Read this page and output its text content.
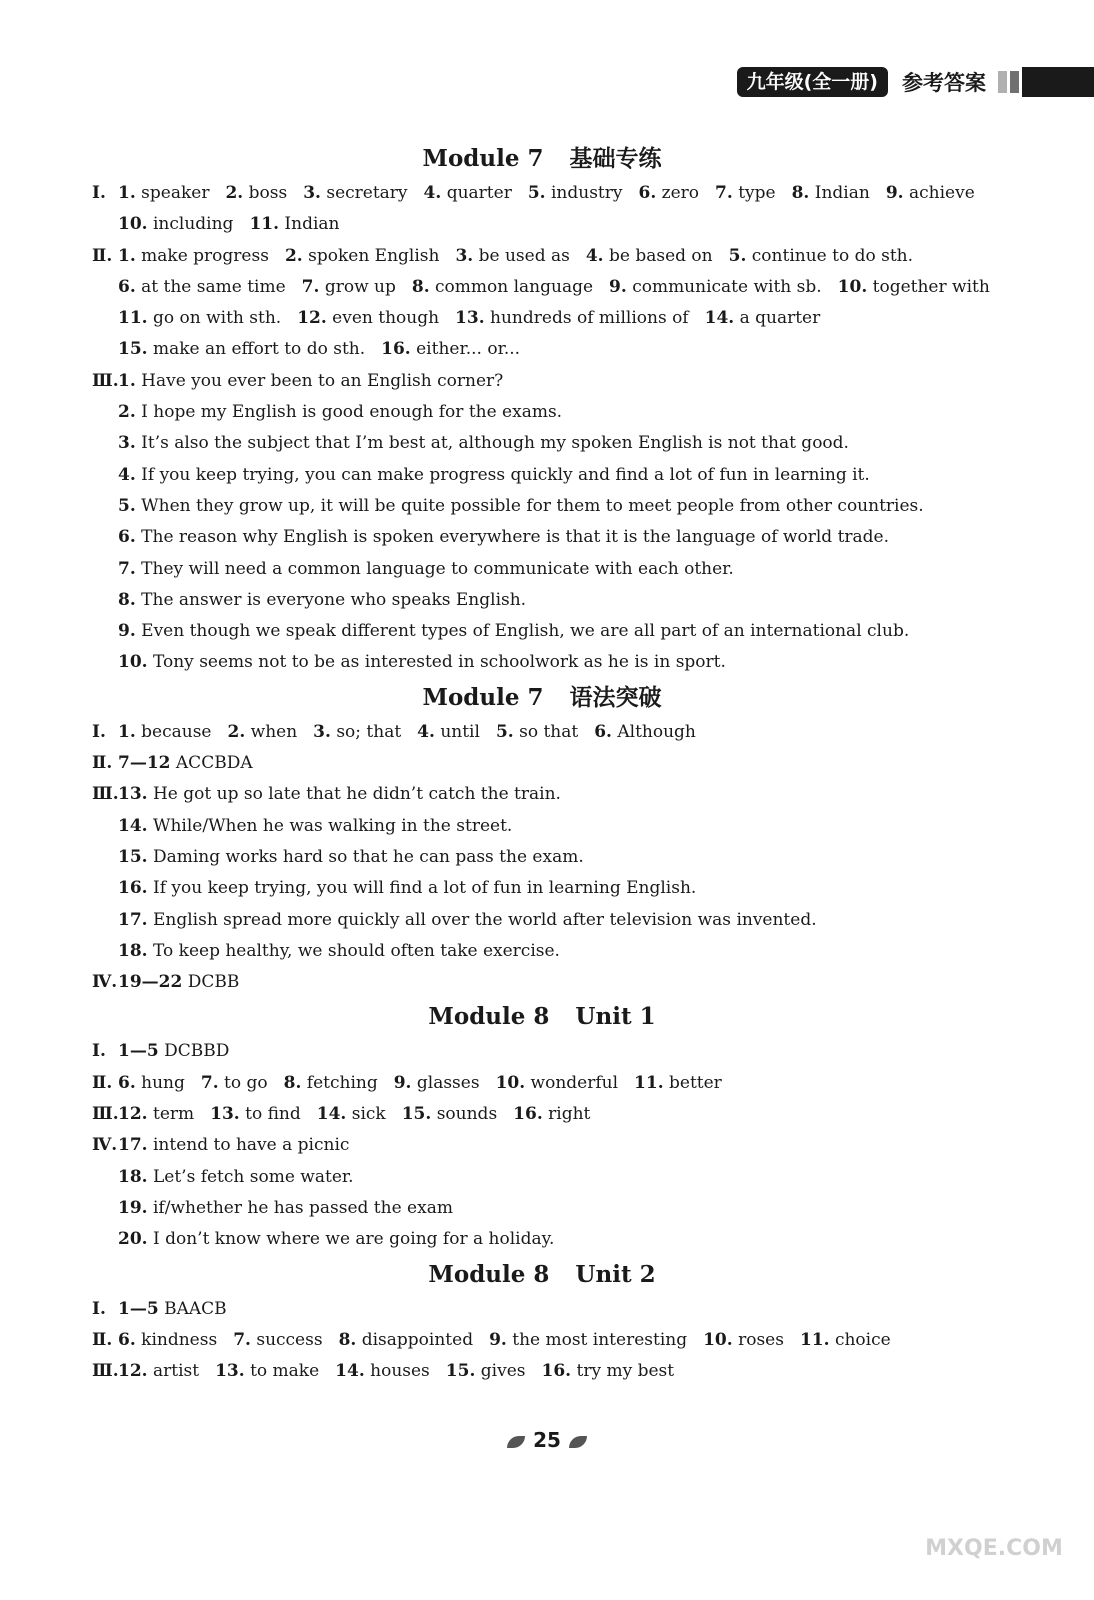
九年级(全一册)	参考答案
Module 7 基础专练
Ⅰ. 1. speaker 2. boss 3. secretary 4. quarter 5. industry 6. zero 7. type 8. Indian 9. achieve
10. including 11. Indian
Ⅱ. 1. make progress 2. spoken English 3. be used as 4. be based on 5. continue to do sth.
6. at the same time 7. grow up 8. common language 9. communicate with sb. 10. together with
11. go on with sth. 12. even though 13. hundreds of millions of 14. a quarter
15. make an effort to do sth. 16. either... or...
Ⅲ.1. Have you ever been to an English corner?
2. I hope my English is good enough for the exams.
3. It’s also the subject that I’m best at, although my spoken English is not that good.
4. If you keep trying, you can make progress quickly and find a lot of fun in learning it.
5. When they grow up, it will be quite possible for them to meet people from other countries.
6. The reason why English is spoken everywhere is that it is the language of world trade.
7. They will need a common language to communicate with each other.
8. The answer is everyone who speaks English.
9. Even though we speak different types of English, we are all part of an international club.
10. Tony seems not to be as interested in schoolwork as he is in sport.
Module 7 语法突破
Ⅰ. 1. because 2. when 3. so; that 4. until 5. so that 6. Although
Ⅱ. 7—12 ACCBDA
Ⅲ.13. He got up so late that he didn’t catch the train.
14. While/When he was walking in the street.
15. Daming works hard so that he can pass the exam.
16. If you keep trying, you will find a lot of fun in learning English.
17. English spread more quickly all over the world after television was invented.
18. To keep healthy, we should often take exercise.
Ⅳ.19—22 DCBB
Module 8 Unit 1
Ⅰ. 1—5 DCBBD
Ⅱ. 6. hung 7. to go 8. fetching 9. glasses 10. wonderful 11. better
Ⅲ.12. term 13. to find 14. sick 15. sounds 16. right
Ⅳ.17. intend to have a picnic
18. Let’s fetch some water.
19. if/whether he has passed the exam
20. I don’t know where we are going for a holiday.
Module 8 Unit 2
Ⅰ. 1—5 BAACB
Ⅱ. 6. kindness 7. success 8. disappointed 9. the most interesting 10. roses 11. choice
Ⅲ.12. artist 13. to make 14. houses 15. gives 16. try my best
25
MXQE.COM
